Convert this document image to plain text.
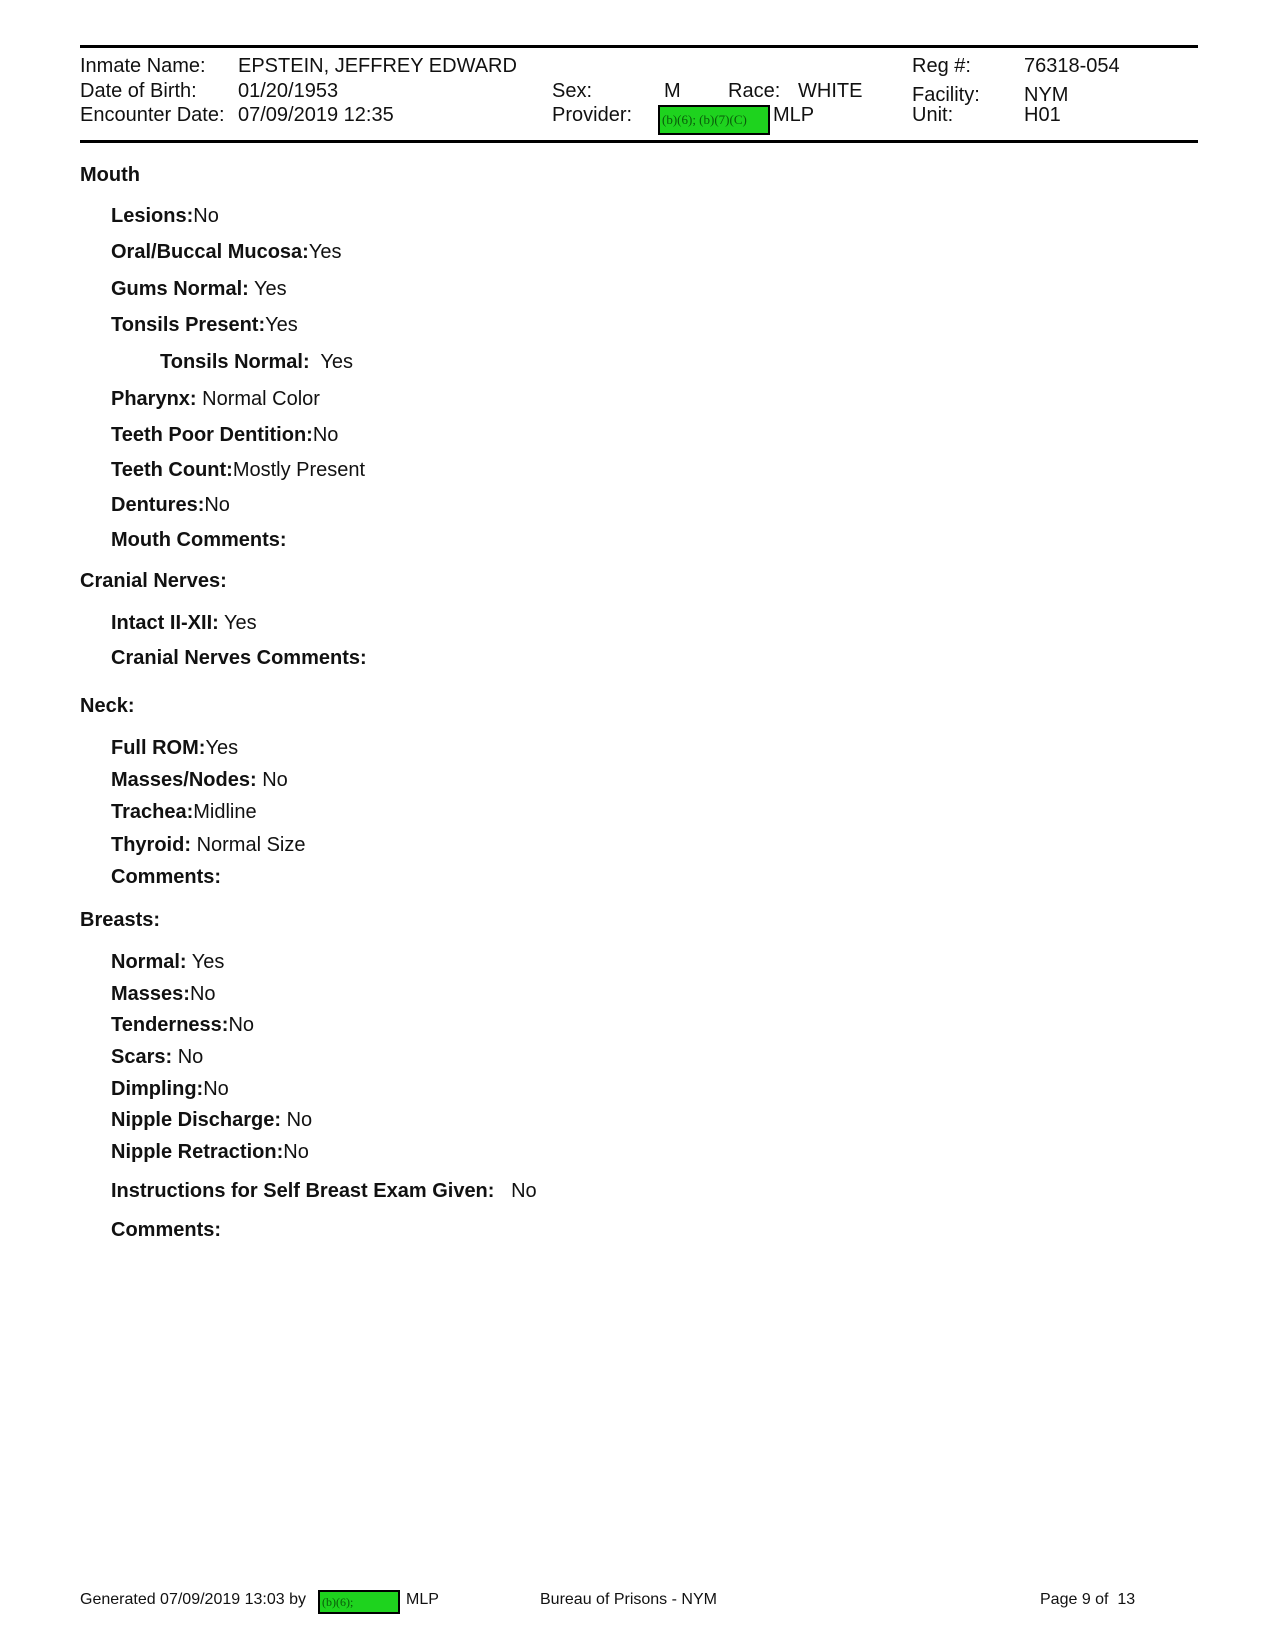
Inmate Name: EPSTEIN, JEFFREY EDWARD
Date of Birth: 01/20/1953
Encounter Date: 07/09/2019 12:35
Sex:	M Race: WHITE
Provider:	(b)(6); (b)(7)(C)	MLP
Reg #:	76318-054
Facility: NYM
Unit:	H01
Mouth
Lesions:No
Oral/Buccal Mucosa:Yes
Gums Normal: Yes
Tonsils Present:Yes
Tonsils Normal: Yes
Pharynx: Normal Color
Teeth Poor Dentition:No
Teeth Count:Mostly Present
Dentures:No
Mouth Comments:
Cranial Nerves:
Intact II-XII: Yes
Cranial Nerves Comments:
Neck:
Full ROM:Yes
Masses/Nodes: No
Trachea:Midline
Thyroid: Normal Size
Comments:
Breasts:
Normal: Yes
Masses:No
Tenderness:No
Scars: No
Dimpling:No
Nipple Discharge: No
Nipple Retraction:No
Instructions for Self Breast Exam Given: No
Comments:
Generated 07/09/2019 13:03 by	(b)(6);	MLP	Bureau of Prisons - NYM	Page 9 of  13
